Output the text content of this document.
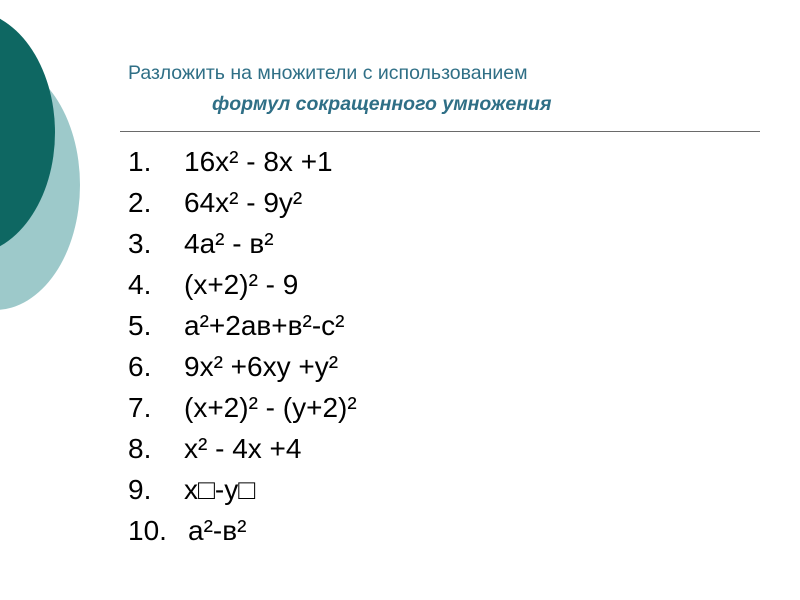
Разложить на множители с использованием
формул сокращенного умножения
1.	16x² - 8x +1
2.	64x² - 9y²
3.	4a² - в²
4.	(x+2)² - 9
5.	a²+2aв+в²-c²
6.	9x² +6xy +y²
7.	(x+2)² - (y+2)²
8.	x² - 4x +4
9.	x□-y□
10. a²-в²
